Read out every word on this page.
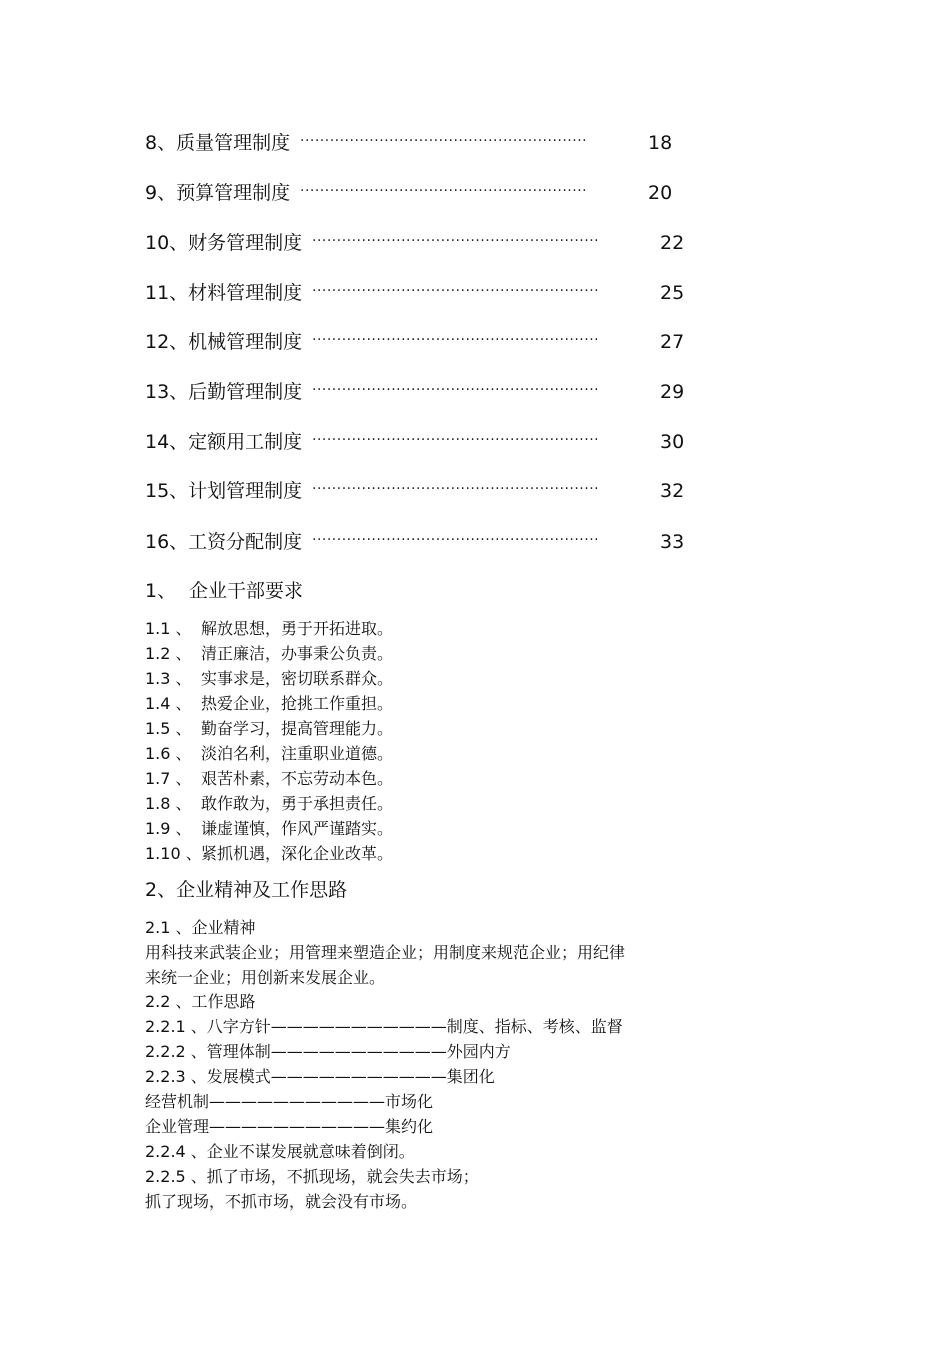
8、质量管理制度 ··························································	18
9、预算管理制度 ··························································	20
10、财务管理制度 ··························································	22
11、材料管理制度 ··························································	25
12、机械管理制度 ··························································	27
13、后勤管理制度 ··························································	29
14、定额用工制度 ··························································	30
15、计划管理制度 ··························································	32
16、工资分配制度 ··························································	33
1、 企业干部要求
1.1 、 解放思想，勇于开拓进取。
1.2 、 清正廉洁，办事秉公负责。
1.3 、 实事求是，密切联系群众。
1.4 、 热爱企业，抢挑工作重担。
1.5 、 勤奋学习，提高管理能力。
1.6 、 淡泊名利，注重职业道德。
1.7 、 艰苦朴素，不忘劳动本色。
1.8 、 敢作敢为，勇于承担责任。
1.9 、 谦虚谨慎，作风严谨踏实。
1.10 、紧抓机遇，深化企业改革。
2、企业精神及工作思路
2.1 、企业精神
用科技来武装企业；用管理来塑造企业；用制度来规范企业；用纪律
来统一企业；用创新来发展企业。
2.2 、工作思路
2.2.1 、八字方针———————————制度、指标、考核、监督
2.2.2 、管理体制———————————外园内方
2.2.3 、发展模式———————————集团化
经营机制———————————市场化
企业管理———————————集约化
2.2.4 、企业不谋发展就意味着倒闭。
2.2.5 、抓了市场，不抓现场，就会失去市场；
抓了现场，不抓市场，就会没有市场。
